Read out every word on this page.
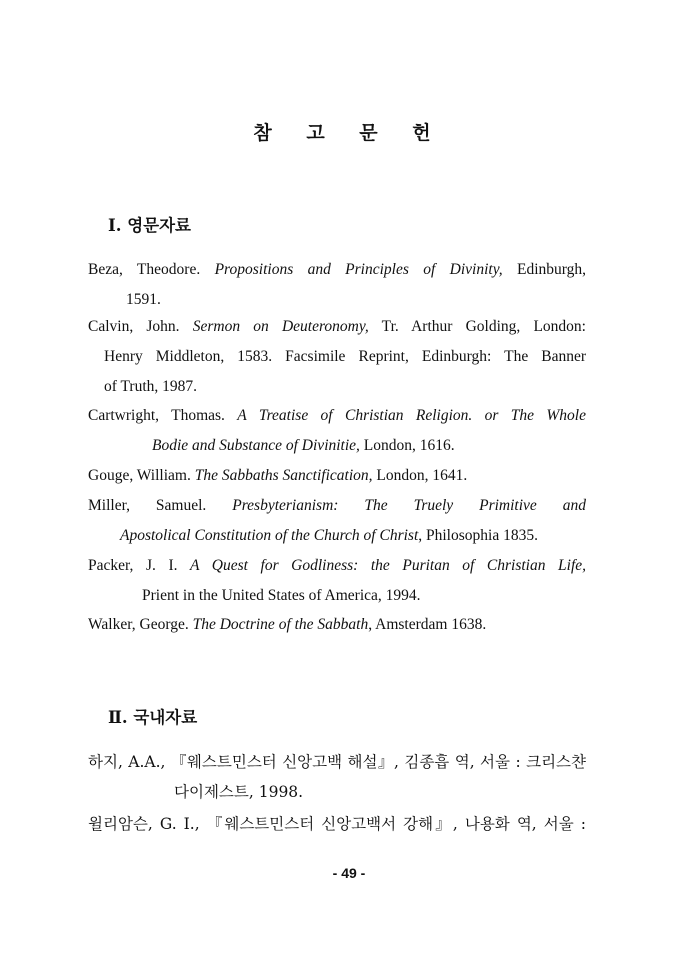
참 고 문 헌
Ⅰ. 영문자료
Beza, Theodore. Propositions and Principles of Divinity, Edinburgh,
1591.
Calvin, John. Sermon on Deuteronomy, Tr. Arthur Golding, London:
Henry Middleton, 1583. Facsimile Reprint, Edinburgh: The Banner
of Truth, 1987.
Cartwright, Thomas. A Treatise of Christian Religion. or The Whole
Bodie and Substance of Divinitie, London, 1616.
Gouge, William. The Sabbaths Sanctification, London, 1641.
Miller, Samuel. Presbyterianism: The Truely Primitive and
Apostolical Constitution of the Church of Christ, Philosophia 1835.
Packer, J. I. A Quest for Godliness: the Puritan of Christian Life,
Prient in the United States of America, 1994.
Walker, George. The Doctrine of the Sabbath, Amsterdam 1638.
Ⅱ. 국내자료
하지, A.A., 『웨스트민스터 신앙고백 해설』, 김종흡 역, 서울 : 크리스챤
다이제스트, 1998.
윌리암슨, G. I., 『웨스트민스터 신앙고백서 강해』, 나용화 역, 서울 :
- 49 -
